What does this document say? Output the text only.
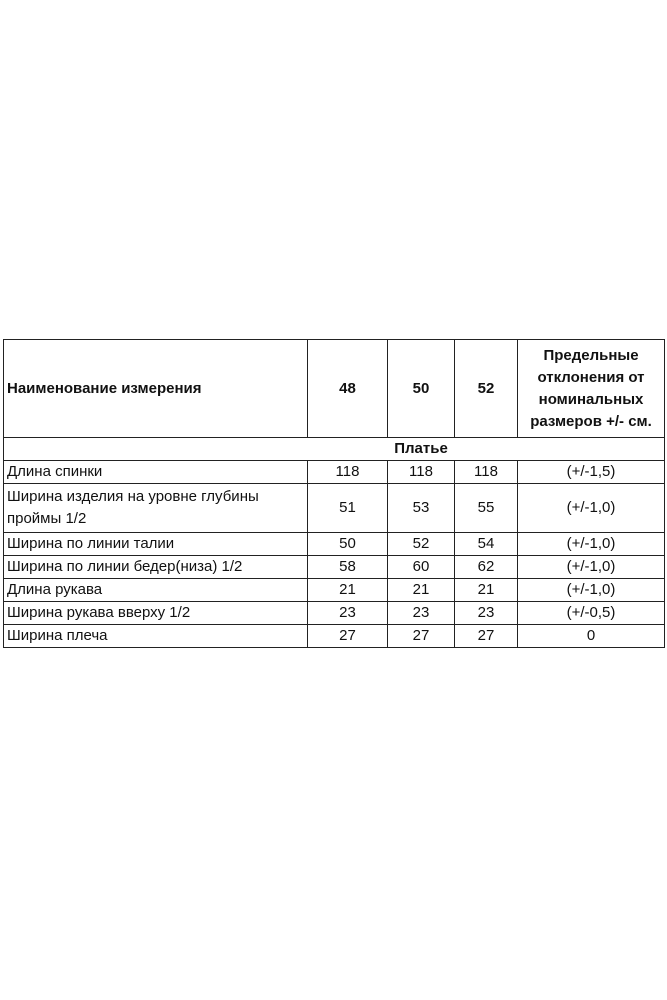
Наименование измерения	48	50	52	Предельные отклонения от номинальных размеров +/- см.
		Платье		
Длина спинки	118	118	118	(+/-1,5)
Ширина изделия на уровне глубины проймы 1/2	51	53	55	(+/-1,0)
Ширина по линии талии	50	52	54	(+/-1,0)
Ширина по линии бедер(низа) 1/2	58	60	62	(+/-1,0)
Длина рукава	21	21	21	(+/-1,0)
Ширина рукава вверху 1/2	23	23	23	(+/-0,5)
Ширина плеча	27	27	27	0
